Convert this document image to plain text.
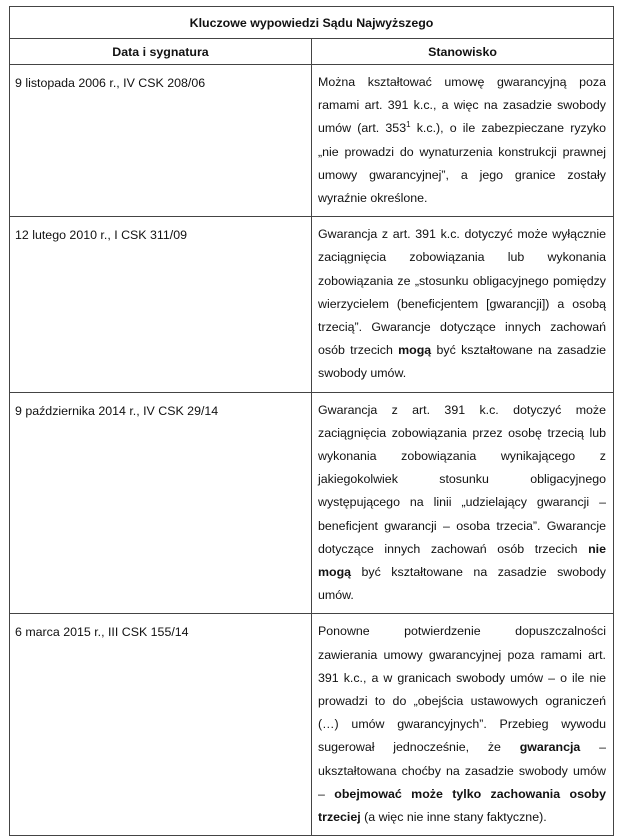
Kluczowe wypowiedzi Sądu Najwyższego	
Data i sygnatura	Stanowisko
9 listopada 2006 r., IV CSK 208/06	Można kształtować umowę gwarancyjną poza ramami art. 391 k.c., a więc na zasadzie swobody umów (art. $353^1$ k.c.), o ile zabezpieczane ryzyko „nie prowadzi do wynaturzenia konstrukcji prawnej umowy gwarancyjnej”, a jego granice zostały wyraźnie określone.
12 lutego 2010 r., I CSK 311/09	Gwarancja z art. 391 k.c. dotyczyć może wyłącznie zaciągnięcia zobowiązania lub wykonania zobowiązania ze „stosunku obligacyjnego pomiędzy wierzycielem (beneficjentem [gwarancji]) a osobą trzecią”. Gwarancje dotyczące innych zachowań osób trzecich mogą być kształtowane na zasadzie swobody umów.
9 października 2014 r., IV CSK 29/14	Gwarancja z art. 391 k.c. dotyczyć może zaciągnięcia zobowiązania przez osobę trzecią lub wykonania zobowiązania wynikającego z jakiegokolwiek stosunku obligacyjnego występującego na linii „udzielający gwarancji – beneficjent gwarancji – osoba trzecia”. Gwarancje dotyczące innych zachowań osób trzecich nie mogą być kształtowane na zasadzie swobody umów.
6 marca 2015 r., III CSK 155/14	Ponowne potwierdzenie dopuszczalności zawierania umowy gwarancyjnej poza ramami art. 391 k.c., a w granicach swobody umów – o ile nie prowadzi to do „obejścia ustawowych ograniczeń (…) umów gwarancyjnych”. Przebieg wywodu sugerował jednocześnie, że gwarancja – ukształtowana choćby na zasadzie swobody umów – obejmować może tylko zachowania osoby trzeciej (a więc nie inne stany faktyczne).
